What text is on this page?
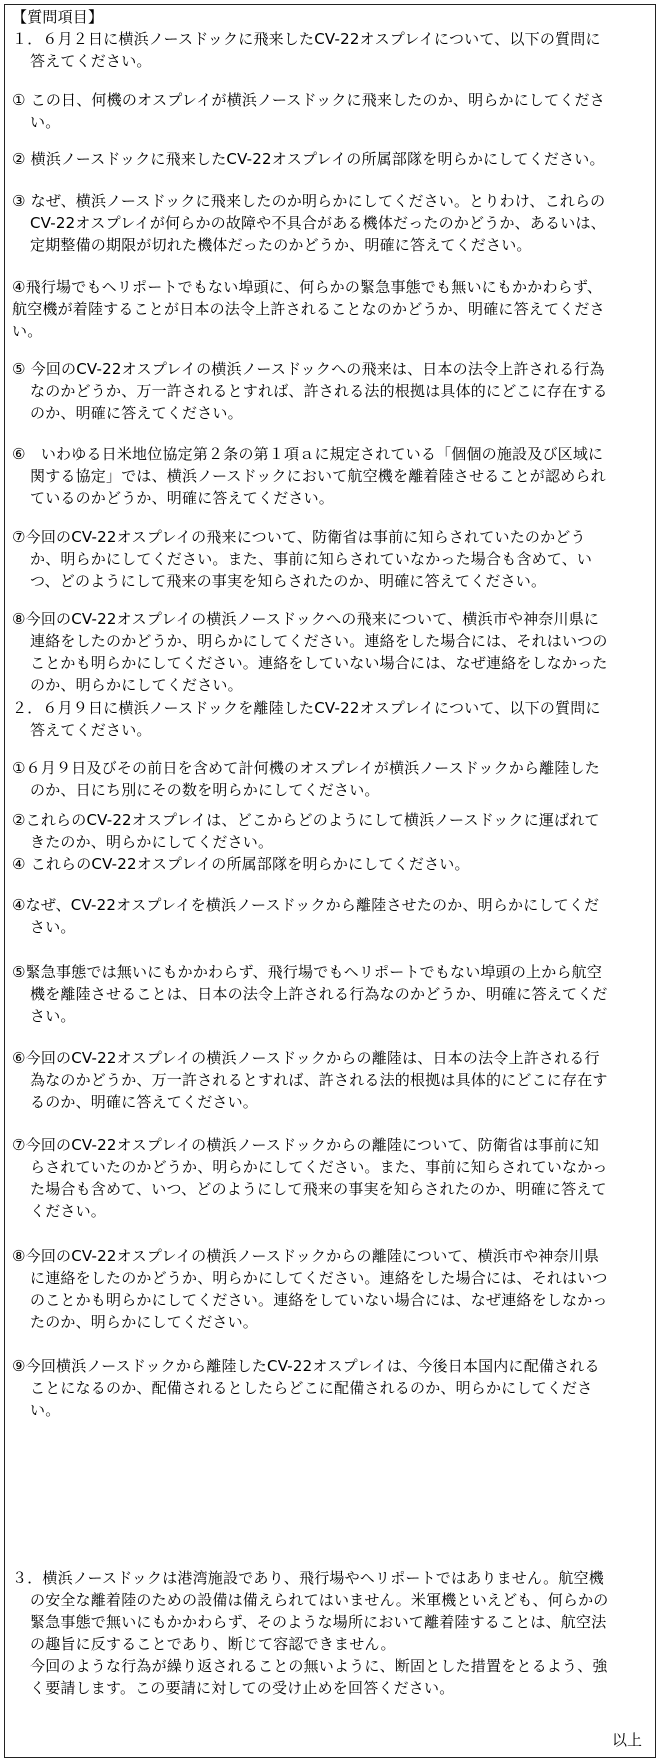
【質問項目】
１．６月２日に横浜ノースドックに飛来したCV-22オスプレイについて、以下の質問に
答えてください。
① この日、何機のオスプレイが横浜ノースドックに飛来したのか、明らかにしてくださ
い。
② 横浜ノースドックに飛来したCV-22オスプレイの所属部隊を明らかにしてください。
③ なぜ、横浜ノースドックに飛来したのか明らかにしてください。とりわけ、これらの
CV-22オスプレイが何らかの故障や不具合がある機体だったのかどうか、あるいは、
定期整備の期限が切れた機体だったのかどうか、明確に答えてください。
④飛行場でもヘリポートでもない埠頭に、何らかの緊急事態でも無いにもかかわらず、
航空機が着陸することが日本の法令上許されることなのかどうか、明確に答えてくださ
い。
⑤ 今回のCV-22オスプレイの横浜ノースドックへの飛来は、日本の法令上許される行為
なのかどうか、万一許されるとすれば、許される法的根拠は具体的にどこに存在する
のか、明確に答えてください。
⑥　いわゆる日米地位協定第２条の第１項ａに規定されている「個個の施設及び区域に
関する協定」では、横浜ノースドックにおいて航空機を離着陸させることが認められ
ているのかどうか、明確に答えてください。
⑦今回のCV-22オスプレイの飛来について、防衛省は事前に知らされていたのかどう
か、明らかにしてください。また、事前に知らされていなかった場合も含めて、い
つ、どのようにして飛来の事実を知らされたのか、明確に答えてください。
⑧今回のCV-22オスプレイの横浜ノースドックへの飛来について、横浜市や神奈川県に
連絡をしたのかどうか、明らかにしてください。連絡をした場合には、それはいつの
ことかも明らかにしてください。連絡をしていない場合には、なぜ連絡をしなかった
のか、明らかにしてください。
２．６月９日に横浜ノースドックを離陸したCV-22オスプレイについて、以下の質問に
答えてください。
①６月９日及びその前日を含めて計何機のオスプレイが横浜ノースドックから離陸した
のか、日にち別にその数を明らかにしてください。
②これらのCV-22オスプレイは、どこからどのようにして横浜ノースドックに運ばれて
きたのか、明らかにしてください。
④ これらのCV-22オスプレイの所属部隊を明らかにしてください。
④なぜ、CV-22オスプレイを横浜ノースドックから離陸させたのか、明らかにしてくだ
さい。
⑤緊急事態では無いにもかかわらず、飛行場でもヘリポートでもない埠頭の上から航空
機を離陸させることは、日本の法令上許される行為なのかどうか、明確に答えてくだ
さい。
⑥今回のCV-22オスプレイの横浜ノースドックからの離陸は、日本の法令上許される行
為なのかどうか、万一許されるとすれば、許される法的根拠は具体的にどこに存在す
るのか、明確に答えてください。
⑦今回のCV-22オスプレイの横浜ノースドックからの離陸について、防衛省は事前に知
らされていたのかどうか、明らかにしてください。また、事前に知らされていなかっ
た場合も含めて、いつ、どのようにして飛来の事実を知らされたのか、明確に答えて
ください。
⑧今回のCV-22オスプレイの横浜ノースドックからの離陸について、横浜市や神奈川県
に連絡をしたのかどうか、明らかにしてください。連絡をした場合には、それはいつ
のことかも明らかにしてください。連絡をしていない場合には、なぜ連絡をしなかっ
たのか、明らかにしてください。
⑨今回横浜ノースドックから離陸したCV-22オスプレイは、今後日本国内に配備される
ことになるのか、配備されるとしたらどこに配備されるのか、明らかにしてくださ
い。
３．横浜ノースドックは港湾施設であり、飛行場やヘリポートではありません。航空機
の安全な離着陸のための設備は備えられてはいません。米軍機といえども、何らかの
緊急事態で無いにもかかわらず、そのような場所において離着陸することは、航空法
の趣旨に反することであり、断じて容認できません。
今回のような行為が繰り返されることの無いように、断固とした措置をとるよう、強
く要請します。この要請に対しての受け止めを回答ください。
以上
